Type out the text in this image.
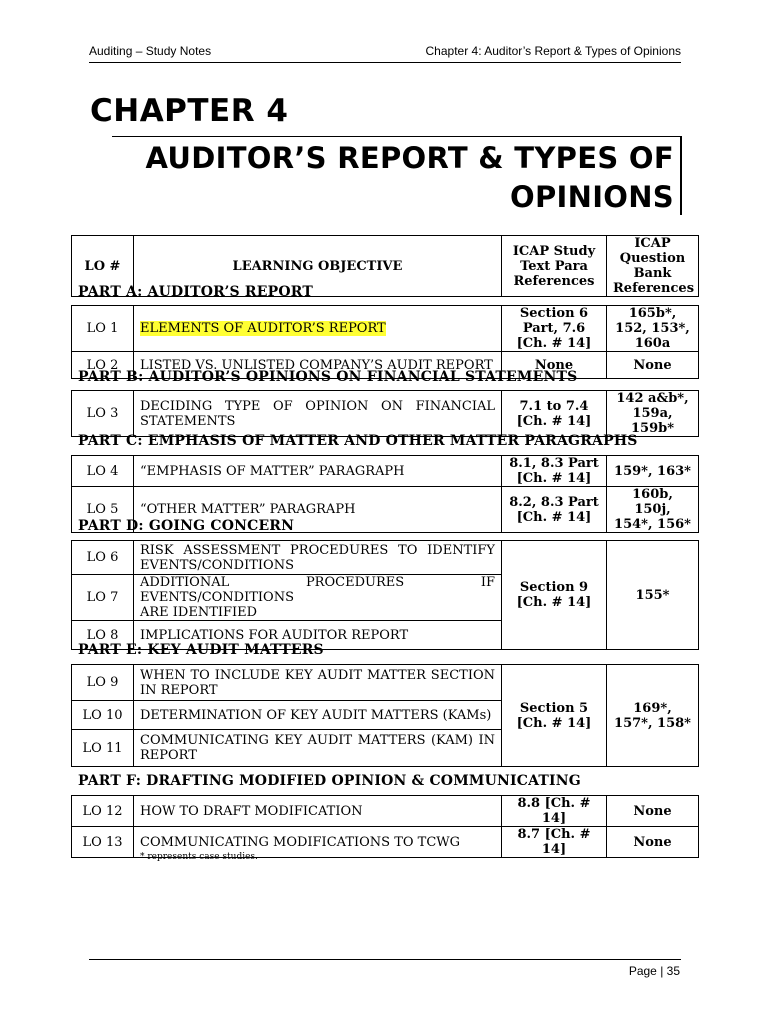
Auditing – Study Notes	Chapter 4: Auditor’s Report & Types of Opinions
CHAPTER 4
AUDITOR’S REPORT & TYPES OF
OPINIONS
LO #	LEARNING OBJECTIVE	ICAP Study Text Para References	ICAP Question Bank References
PART A: AUDITOR’S REPORT
LO 1	ELEMENTS OF AUDITOR’S REPORT	Section 6 Part, 7.6 [Ch. # 14]	165b*, 152, 153*, 160a
LO 2	LISTED VS. UNLISTED COMPANY’S AUDIT REPORT	None	None
PART B: AUDITOR’S OPINIONS ON FINANCIAL STATEMENTS
LO 3	DECIDING TYPE OF OPINION ON FINANCIAL
STATEMENTS
	7.1 to 7.4 [Ch. # 14]	142 a&b*, 159a, 159b*
PART C: EMPHASIS OF MATTER AND OTHER MATTER PARAGRAPHS
LO 4	“EMPHASIS OF MATTER” PARAGRAPH	8.1, 8.3 Part [Ch. # 14]	159*, 163*
LO 5	“OTHER MATTER” PARAGRAPH	8.2, 8.3 Part [Ch. # 14]	160b, 150j, 154*, 156*
PART D: GOING CONCERN
LO 6	RISK ASSESSMENT PROCEDURES TO IDENTIFY
EVENTS/CONDITIONS	Section 9 [Ch. # 14]	155*
LO 7	ADDITIONAL PROCEDURES IF EVENTS/CONDITIONS
ARE IDENTIFIED		

LO 8	IMPLICATIONS FOR AUDITOR REPORT		
PART E: KEY AUDIT MATTERS
LO 9	WHEN TO INCLUDE KEY AUDIT MATTER SECTION
IN REPORT	Section 5 [Ch. # 14]	169*, 157*, 158*
LO 10	DETERMINATION OF KEY AUDIT MATTERS (KAMs)		
LO 11	COMMUNICATING KEY AUDIT MATTERS (KAM) IN
REPORT		
PART F: DRAFTING MODIFIED OPINION & COMMUNICATING
LO 12	HOW TO DRAFT MODIFICATION	8.8 [Ch. # 14]	None
LO 13	COMMUNICATING MODIFICATIONS TO TCWG	8.7 [Ch. # 14]	None
* represents case studies.
Page | 35
